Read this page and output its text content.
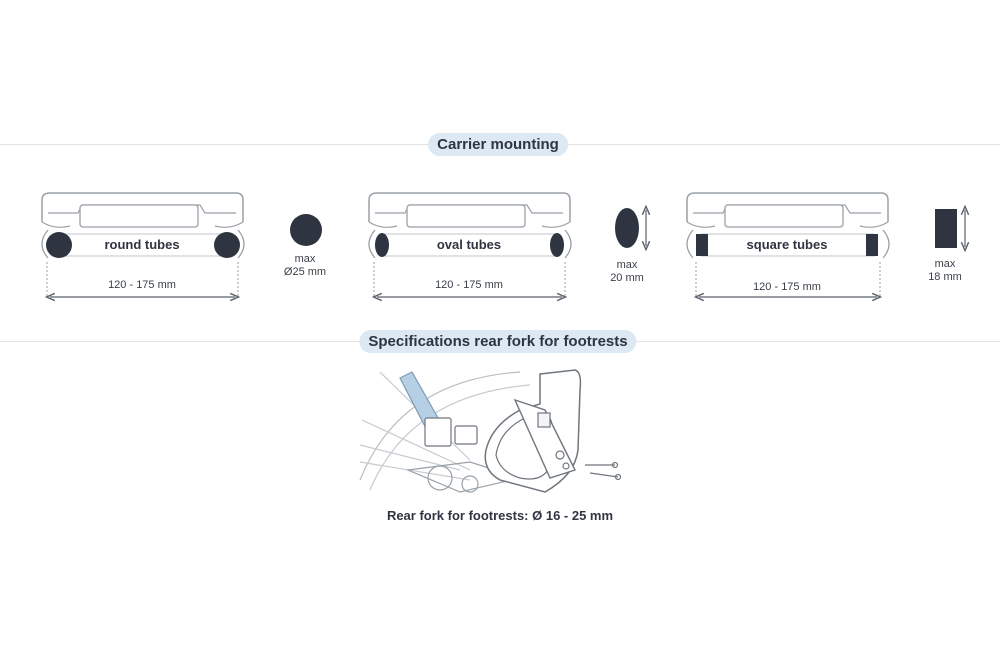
Carrier mounting
Specifications rear fork for footrests
round tubes
120 - 175 mm
max
Ø25 mm
oval tubes
120 - 175 mm
max
20 mm
square tubes
120 - 175 mm
max
18 mm
Rear fork for footrests: Ø 16 - 25 mm
